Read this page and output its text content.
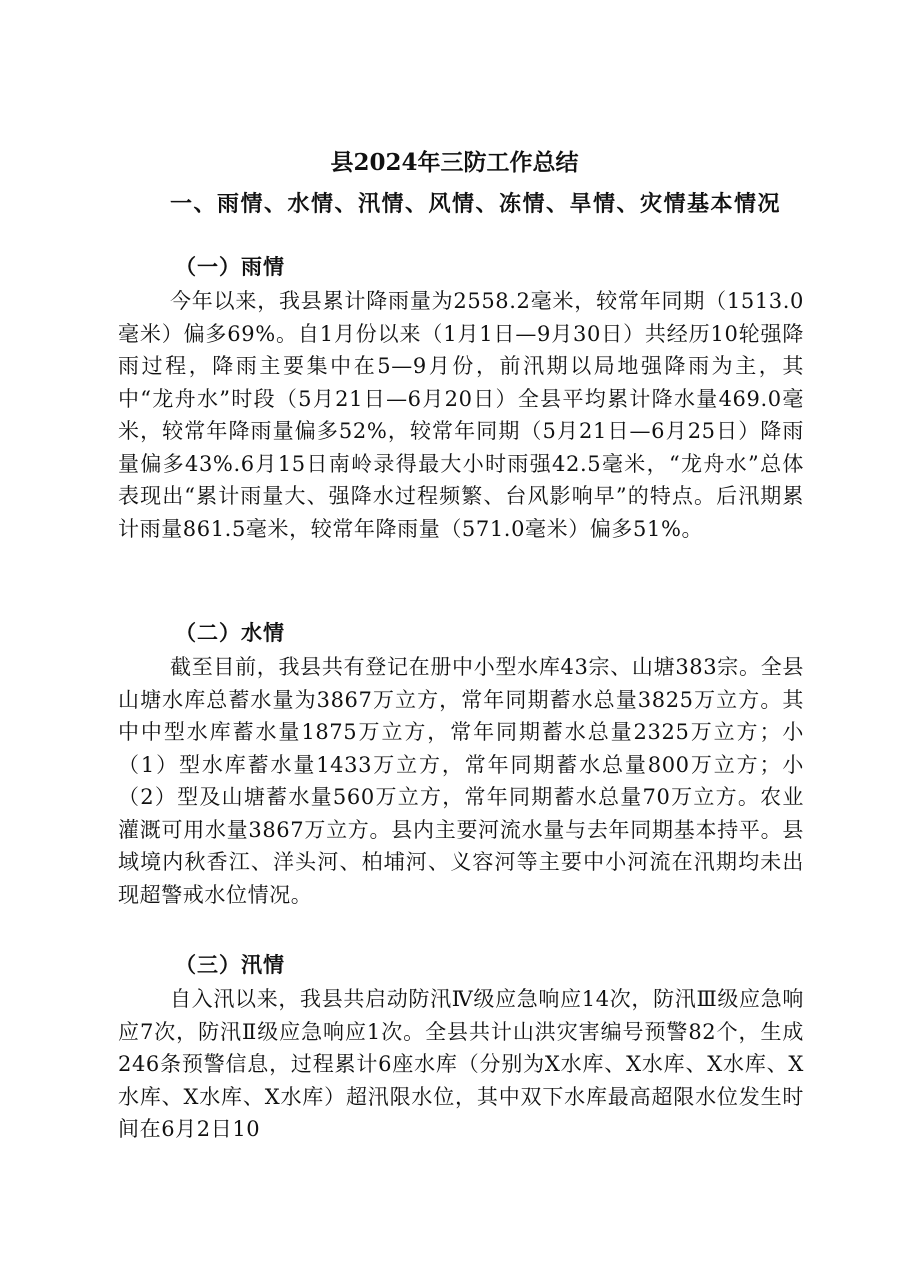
县2024年三防工作总结
一、雨情、水情、汛情、风情、冻情、旱情、灾情基本情况
（一）雨情

今年以来，我县累计降雨量为2558.2毫米，较常年同期（1513.0毫米）偏多69%。自1月份以来（1月1日—9月30日）共经历10轮强降雨过程，降雨主要集中在5—9月份，前汛期以局地强降雨为主，其中“龙舟水”时段（5月21日—6月20日）全县平均累计降水量469.0毫米，较常年降雨量偏多52%，较常年同期（5月21日—6月25日）降雨量偏多43%.6月15日南岭录得最大小时雨强42.5毫米，“龙舟水”总体表现出“累计雨量大、强降水过程频繁、台风影响早”的特点。后汛期累计雨量861.5毫米，较常年降雨量（571.0毫米）偏多51%。

（二）水情

截至目前，我县共有登记在册中小型水库43宗、山塘383宗。全县山塘水库总蓄水量为3867万立方，常年同期蓄水总量3825万立方。其中中型水库蓄水量1875万立方，常年同期蓄水总量2325万立方；小（1）型水库蓄水量1433万立方，常年同期蓄水总量800万立方；小（2）型及山塘蓄水量560万立方，常年同期蓄水总量70万立方。农业灌溉可用水量3867万立方。县内主要河流水量与去年同期基本持平。县域境内秋香江、洋头河、柏埔河、义容河等主要中小河流在汛期均未出现超警戒水位情况。

（三）汛情

自入汛以来，我县共启动防汛Ⅳ级应急响应14次，防汛Ⅲ级应急响应7次，防汛Ⅱ级应急响应1次。全县共计山洪灾害编号预警82个，生成246条预警信息，过程累计6座水库（分别为X水库、X水库、X水库、X水库、X水库、X水库）超汛限水位，其中双下水库最高超限水位发生时间在6月2日10
